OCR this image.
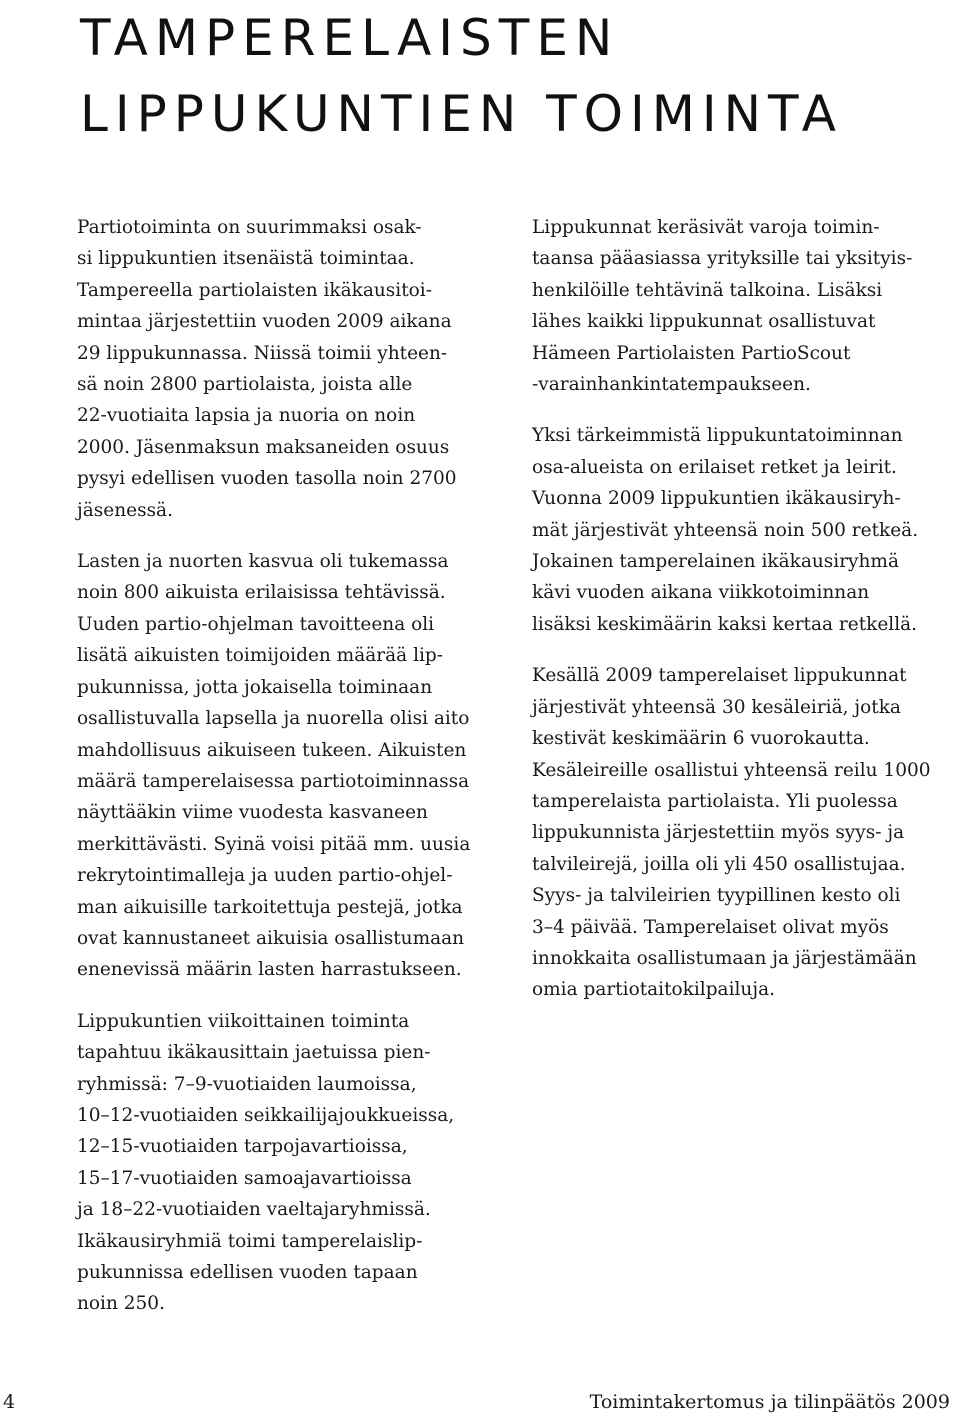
TAMPERELAISTEN
LIPPUKUNTIEN TOIMINTA

Partiotoiminta on suurimmaksi osak-
si lippukuntien itsenäistä toimintaa.
Tampereella partiolaisten ikäkausitoi-
mintaa järjestettiin vuoden 2009 aikana
29 lippukunnassa. Niissä toimii yhteen-
sä noin 2800 partiolaista, joista alle
22-vuotiaita lapsia ja nuoria on noin
2000. Jäsenmaksun maksaneiden osuus
pysyi edellisen vuoden tasolla noin 2700
jäsenessä.

Lasten ja nuorten kasvua oli tukemassa
noin 800 aikuista erilaisissa tehtävissä.
Uuden partio-ohjelman tavoitteena oli
lisätä aikuisten toimijoiden määrää lip-
pukunnissa, jotta jokaisella toiminaan
osallistuvalla lapsella ja nuorella olisi aito
mahdollisuus aikuiseen tukeen. Aikuisten
määrä tamperelaisessa partiotoiminnassa
näyttääkin viime vuodesta kasvaneen
merkittävästi. Syinä voisi pitää mm. uusia
rekrytointimalleja ja uuden partio-ohjel-
man aikuisille tarkoitettuja pestejä, jotka
ovat kannustaneet aikuisia osallistumaan
enenevissä määrin lasten harrastukseen.

Lippukuntien viikoittainen toiminta
tapahtuu ikäkausittain jaetuissa pien-
ryhmissä: 7–9-vuotiaiden laumoissa,
10–12-vuotiaiden seikkailijajoukkueissa,
12–15-vuotiaiden tarpojavartioissa,
15–17-vuotiaiden samoajavartioissa
ja 18–22-vuotiaiden vaeltajaryhmissä.
Ikäkausiryhmiä toimi tamperelaislip-
pukunnissa edellisen vuoden tapaan
noin 250.

Lippukunnat keräsivät varoja toimin-
taansa pääasiassa yrityksille tai yksityis-
henkilöille tehtävinä talkoina. Lisäksi
lähes kaikki lippukunnat osallistuvat
Hämeen Partiolaisten PartioScout
-varainhankintatempaukseen.

Yksi tärkeimmistä lippukuntatoiminnan
osa-alueista on erilaiset retket ja leirit.
Vuonna 2009 lippukuntien ikäkausiryh-
mät järjestivät yhteensä noin 500 retkeä.
Jokainen tamperelainen ikäkausiryhmä
kävi vuoden aikana viikkotoiminnan
lisäksi keskimäärin kaksi kertaa retkellä.

Kesällä 2009 tamperelaiset lippukunnat
järjestivät yhteensä 30 kesäleiriä, jotka
kestivät keskimäärin 6 vuorokautta.
Kesäleireille osallistui yhteensä reilu 1000
tamperelaista partiolaista. Yli puolessa
lippukunnista järjestettiin myös syys- ja
talvileirejä, joilla oli yli 450 osallistujaa.
Syys- ja talvileirien tyypillinen kesto oli
3–4 päivää. Tamperelaiset olivat myös
innokkaita osallistumaan ja järjestämään
omia partiotaitokilpailuja.

4	Toimintakertomus ja tilinpäätös 2009
